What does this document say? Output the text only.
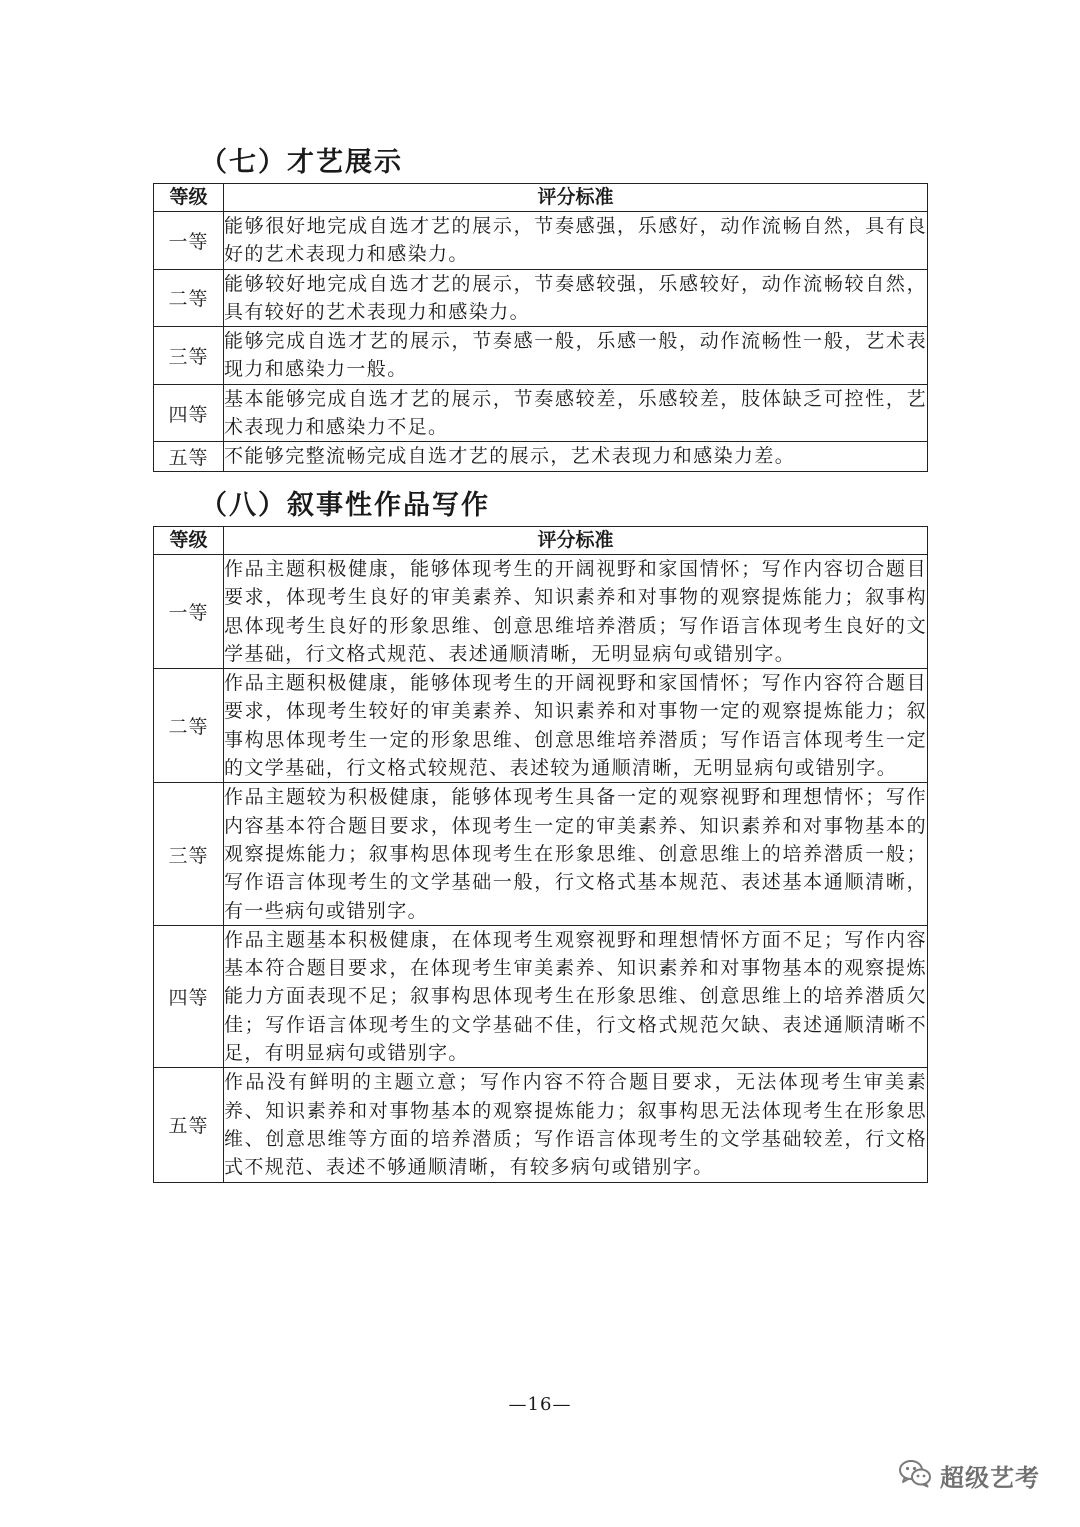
（七）才艺展示
等级	评分标准
一等	能够很好地完成自选才艺的展示，节奏感强，乐感好，动作流畅自然，具有良好的艺术表现力和感染力。
二等	能够较好地完成自选才艺的展示，节奏感较强，乐感较好，动作流畅较自然，具有较好的艺术表现力和感染力。
三等	能够完成自选才艺的展示，节奏感一般，乐感一般，动作流畅性一般，艺术表现力和感染力一般。
四等	基本能够完成自选才艺的展示，节奏感较差，乐感较差，肢体缺乏可控性，艺术表现力和感染力不足。
五等	不能够完整流畅完成自选才艺的展示，艺术表现力和感染力差。
（八）叙事性作品写作
等级	评分标准
一等	作品主题积极健康，能够体现考生的开阔视野和家国情怀；写作内容切合题目要求，体现考生良好的审美素养、知识素养和对事物的观察提炼能力；叙事构思体现考生良好的形象思维、创意思维培养潜质；写作语言体现考生良好的文学基础，行文格式规范、表述通顺清晰，无明显病句或错别字。
二等	作品主题积极健康，能够体现考生的开阔视野和家国情怀；写作内容符合题目要求，体现考生较好的审美素养、知识素养和对事物一定的观察提炼能力；叙事构思体现考生一定的形象思维、创意思维培养潜质；写作语言体现考生一定的文学基础，行文格式较规范、表述较为通顺清晰，无明显病句或错别字。
三等	作品主题较为积极健康，能够体现考生具备一定的观察视野和理想情怀；写作内容基本符合题目要求，体现考生一定的审美素养、知识素养和对事物基本的观察提炼能力；叙事构思体现考生在形象思维、创意思维上的培养潜质一般；写作语言体现考生的文学基础一般，行文格式基本规范、表述基本通顺清晰，有一些病句或错别字。
四等	作品主题基本积极健康，在体现考生观察视野和理想情怀方面不足；写作内容基本符合题目要求，在体现考生审美素养、知识素养和对事物基本的观察提炼能力方面表现不足；叙事构思体现考生在形象思维、创意思维上的培养潜质欠佳；写作语言体现考生的文学基础不佳，行文格式规范欠缺、表述通顺清晰不足，有明显病句或错别字。
五等	作品没有鲜明的主题立意；写作内容不符合题目要求，无法体现考生审美素养、知识素养和对事物基本的观察提炼能力；叙事构思无法体现考生在形象思维、创意思维等方面的培养潜质；写作语言体现考生的文学基础较差，行文格式不规范、表述不够通顺清晰，有较多病句或错别字。
—16—
超级艺考
